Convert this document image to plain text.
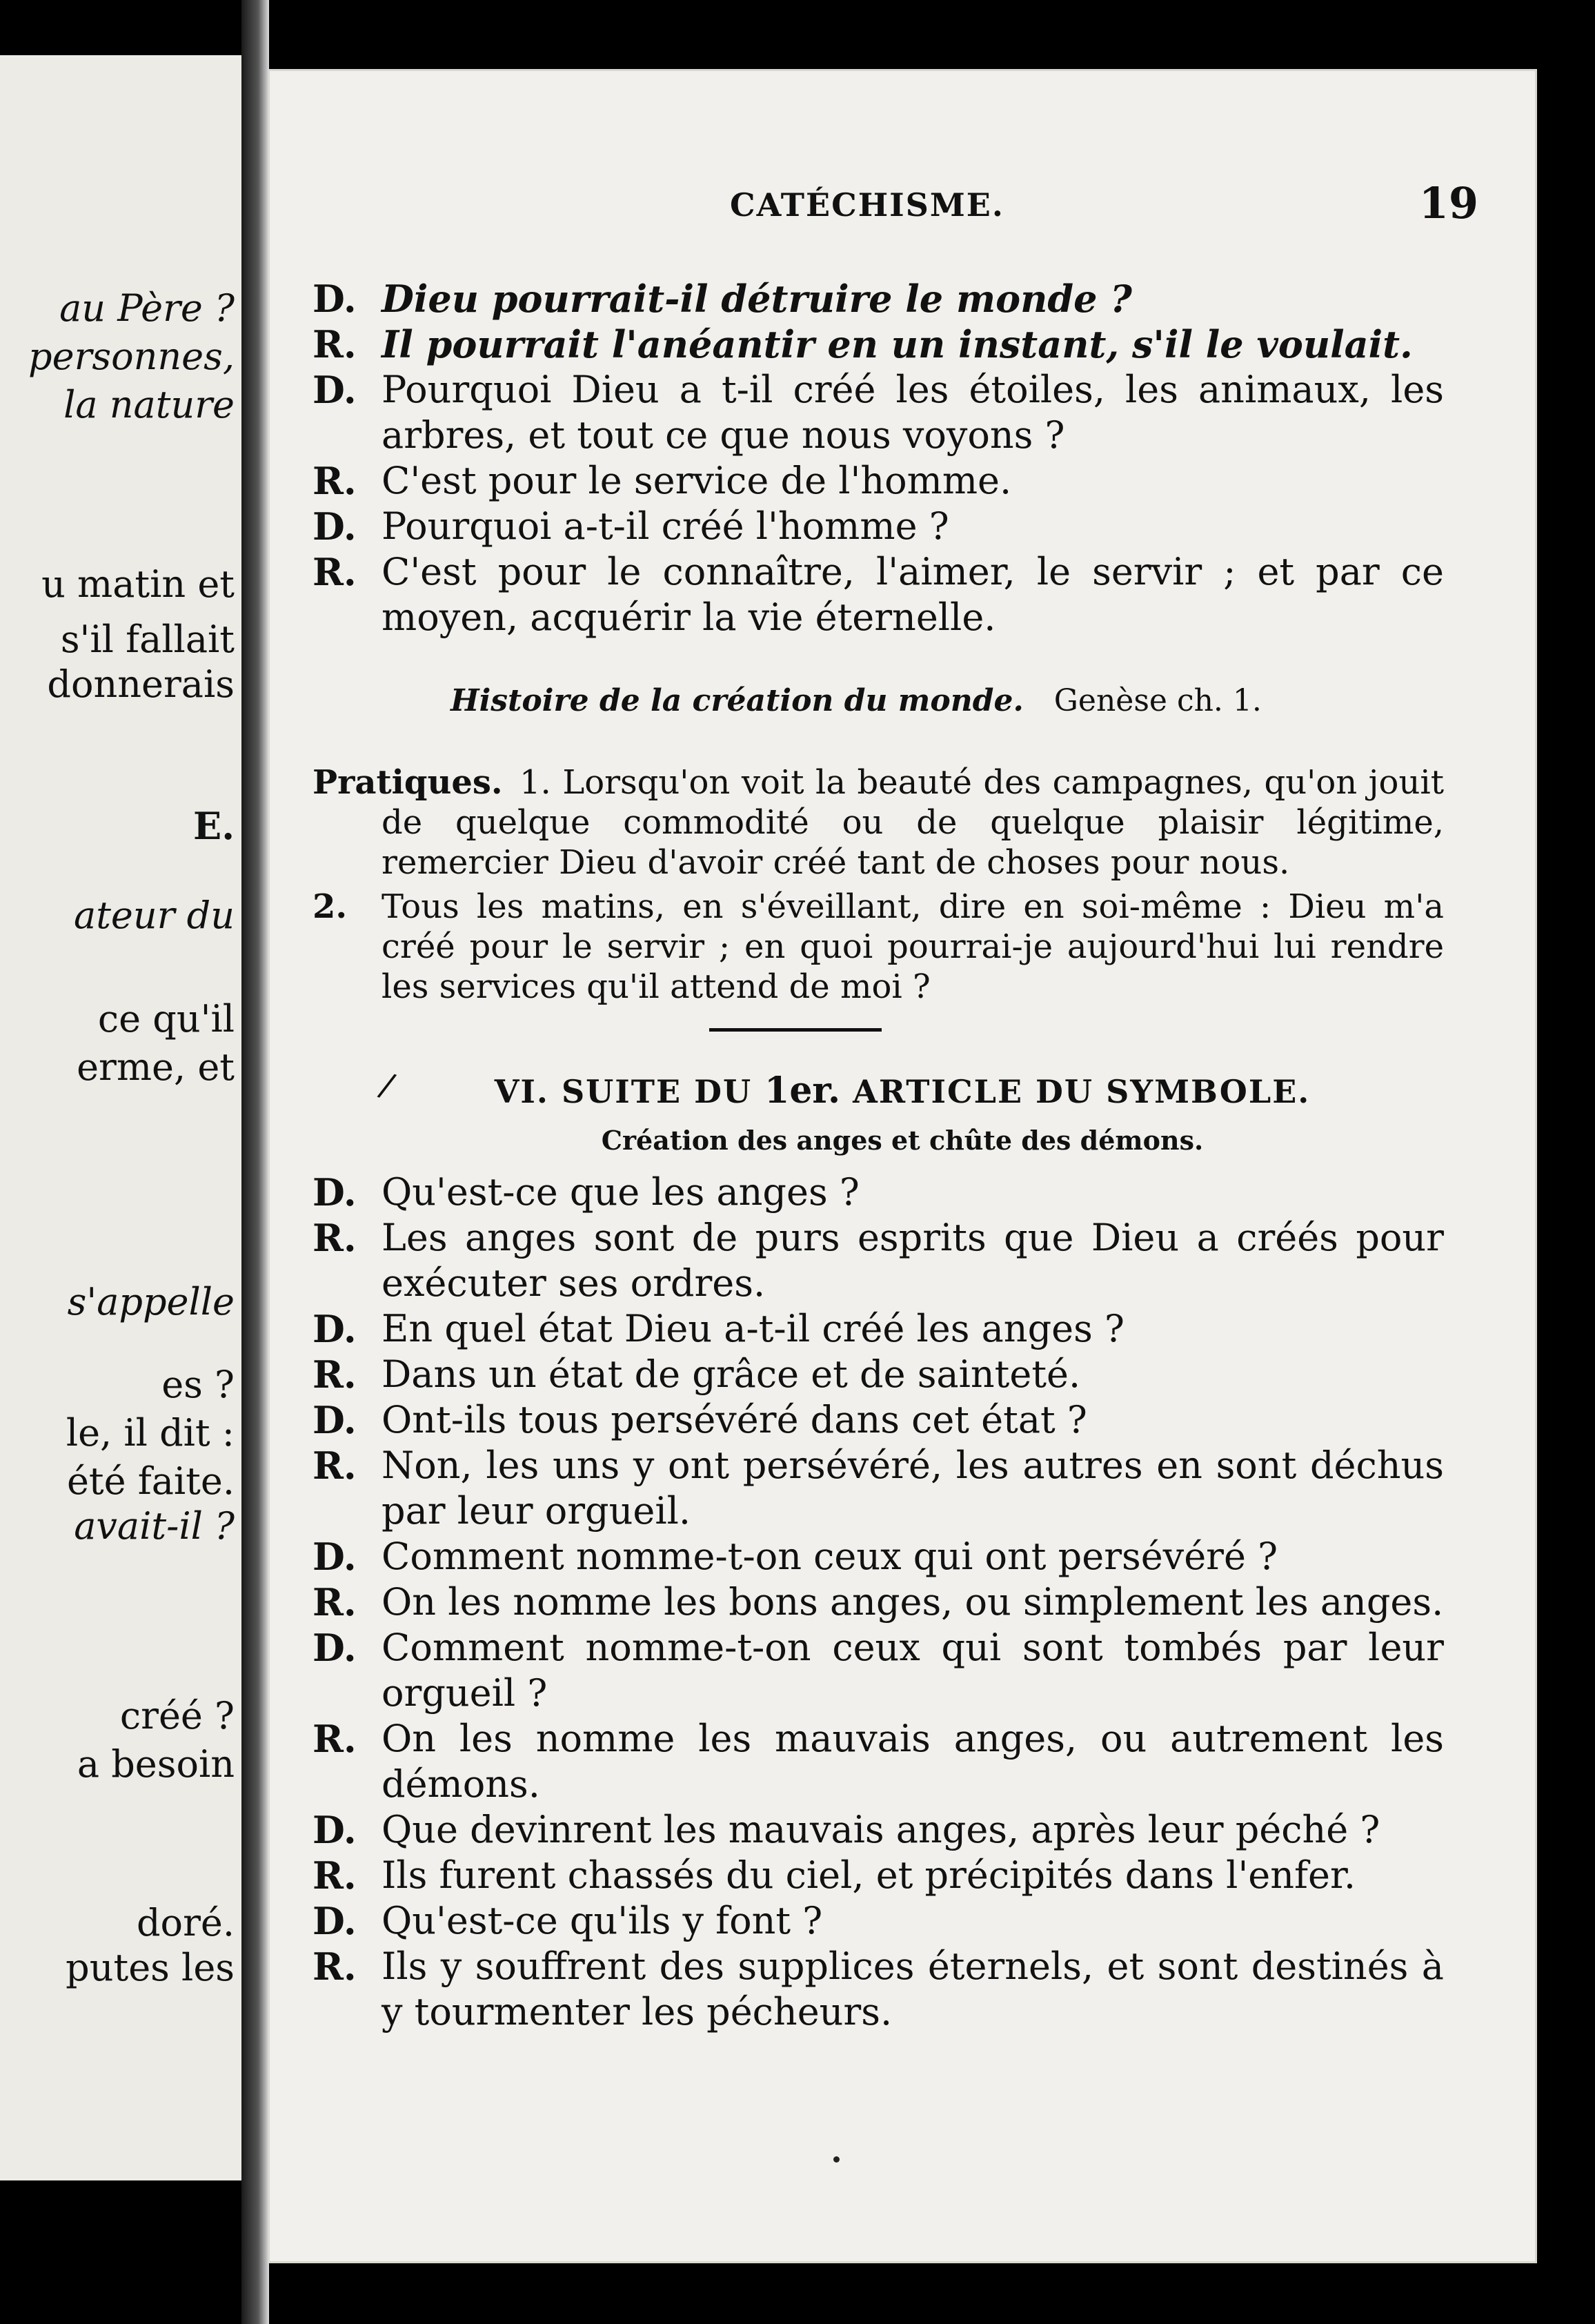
au Père ?
personnes,
la nature
u matin et
s'il fallait
donnerais
E.
ateur du
ce qu'il
erme, et
s'appelle
es ?
le, il dit :
été faite.
avait-il ?
créé ?
a besoin
doré.
putes les
CATÉCHISME.	19
D. Dieu pourrait-il détruire le monde ?
R. Il pourrait l'anéantir en un instant, s'il le voulait.
D. Pourquoi Dieu a t-il créé les étoiles, les animaux, les arbres, et tout ce que nous voyons ?
R. C'est pour le service de l'homme.
D. Pourquoi a-t-il créé l'homme ?
R. C'est pour le connaître, l'aimer, le servir ; et par ce moyen, acquérir la vie éternelle.
Histoire de la création du monde. Genèse ch. 1.
Pratiques. 1. Lorsqu'on voit la beauté des campagnes, qu'on jouit de quelque commodité ou de quelque plaisir légitime, remercier Dieu d'avoir créé tant de choses pour nous.
2.	Tous les matins, en s'éveillant, dire en soi-même : Dieu m'a créé pour le servir ; en quoi pourrai-je aujourd'hui lui rendre les services qu'il attend de moi ?
/	VI. SUITE DU 1er. ARTICLE DU SYMBOLE.
Création des anges et chûte des démons.
D. Qu'est-ce que les anges ?
R. Les anges sont de purs esprits que Dieu a créés pour exécuter ses ordres.
D. En quel état Dieu a-t-il créé les anges ?
R. Dans un état de grâce et de sainteté.
D. Ont-ils tous persévéré dans cet état ?
R. Non, les uns y ont persévéré, les autres en sont déchus par leur orgueil.
D. Comment nomme-t-on ceux qui ont persévéré ?
R. On les nomme les bons anges, ou simplement les anges.
D. Comment nomme-t-on ceux qui sont tombés par leur orgueil ?
R. On les nomme les mauvais anges, ou autrement les démons.
D. Que devinrent les mauvais anges, après leur péché ?
R. Ils furent chassés du ciel, et précipités dans l'enfer.
D. Qu'est-ce qu'ils y font ?
R. Ils y souffrent des supplices éternels, et sont destinés à y tourmenter les pécheurs.
